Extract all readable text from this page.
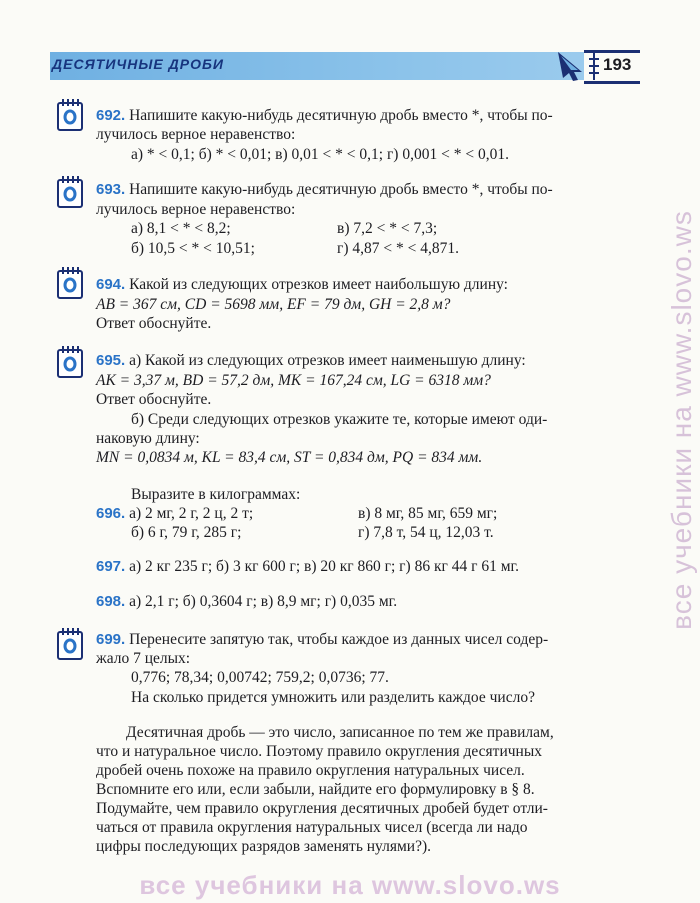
ДЕСЯТИЧНЫЕ ДРОБИ	193
692. Напишите какую-нибудь десятичную дробь вместо *, чтобы по-
лучилось верное неравенство:
а) * < 0,1; б) * < 0,01; в) 0,01 < * < 0,1; г) 0,001 < * < 0,01.
693. Напишите какую-нибудь десятичную дробь вместо *, чтобы по-
лучилось верное неравенство:
а) 8,1 < * < 8,2;	в) 7,2 < * < 7,3;
б) 10,5 < * < 10,51;	г) 4,87 < * < 4,871.
694. Какой из следующих отрезков имеет наибольшую длину:
AB = 367 см, CD = 5698 мм, EF = 79 дм, GH = 2,8 м?
Ответ обоснуйте.
695. а) Какой из следующих отрезков имеет наименьшую длину:
AK = 3,37 м, BD = 57,2 дм, MK = 167,24 см, LG = 6318 мм?
Ответ обоснуйте.
б) Среди следующих отрезков укажите те, которые имеют оди-
наковую длину:
MN = 0,0834 м, KL = 83,4 см, ST = 0,834 дм, PQ = 834 мм.
Выразите в килограммах:
696. а) 2 мг, 2 г, 2 ц, 2 т;	в) 8 мг, 85 мг, 659 мг;
б) 6 г, 79 г, 285 г;	г) 7,8 т, 54 ц, 12,03 т.
697. а) 2 кг 235 г; б) 3 кг 600 г; в) 20 кг 860 г; г) 86 кг 44 г 61 мг.
698. а) 2,1 г; б) 0,3604 г; в) 8,9 мг; г) 0,035 мг.
699. Перенесите запятую так, чтобы каждое из данных чисел содер-
жало 7 целых:
0,776; 78,34; 0,00742; 759,2; 0,0736; 77.
На сколько придется умножить или разделить каждое число?
Десятичная дробь — это число, записанное по тем же правилам,
что и натуральное число. Поэтому правило округления десятичных
дробей очень похоже на правило округления натуральных чисел.
Вспомните его или, если забыли, найдите его формулировку в § 8.
Подумайте, чем правило округления десятичных дробей будет отли-
чаться от правила округления натуральных чисел (всегда ли надо
цифры последующих разрядов заменять нулями?).
все учебники на www.slovo.ws
все учебники на www.slovo.ws
